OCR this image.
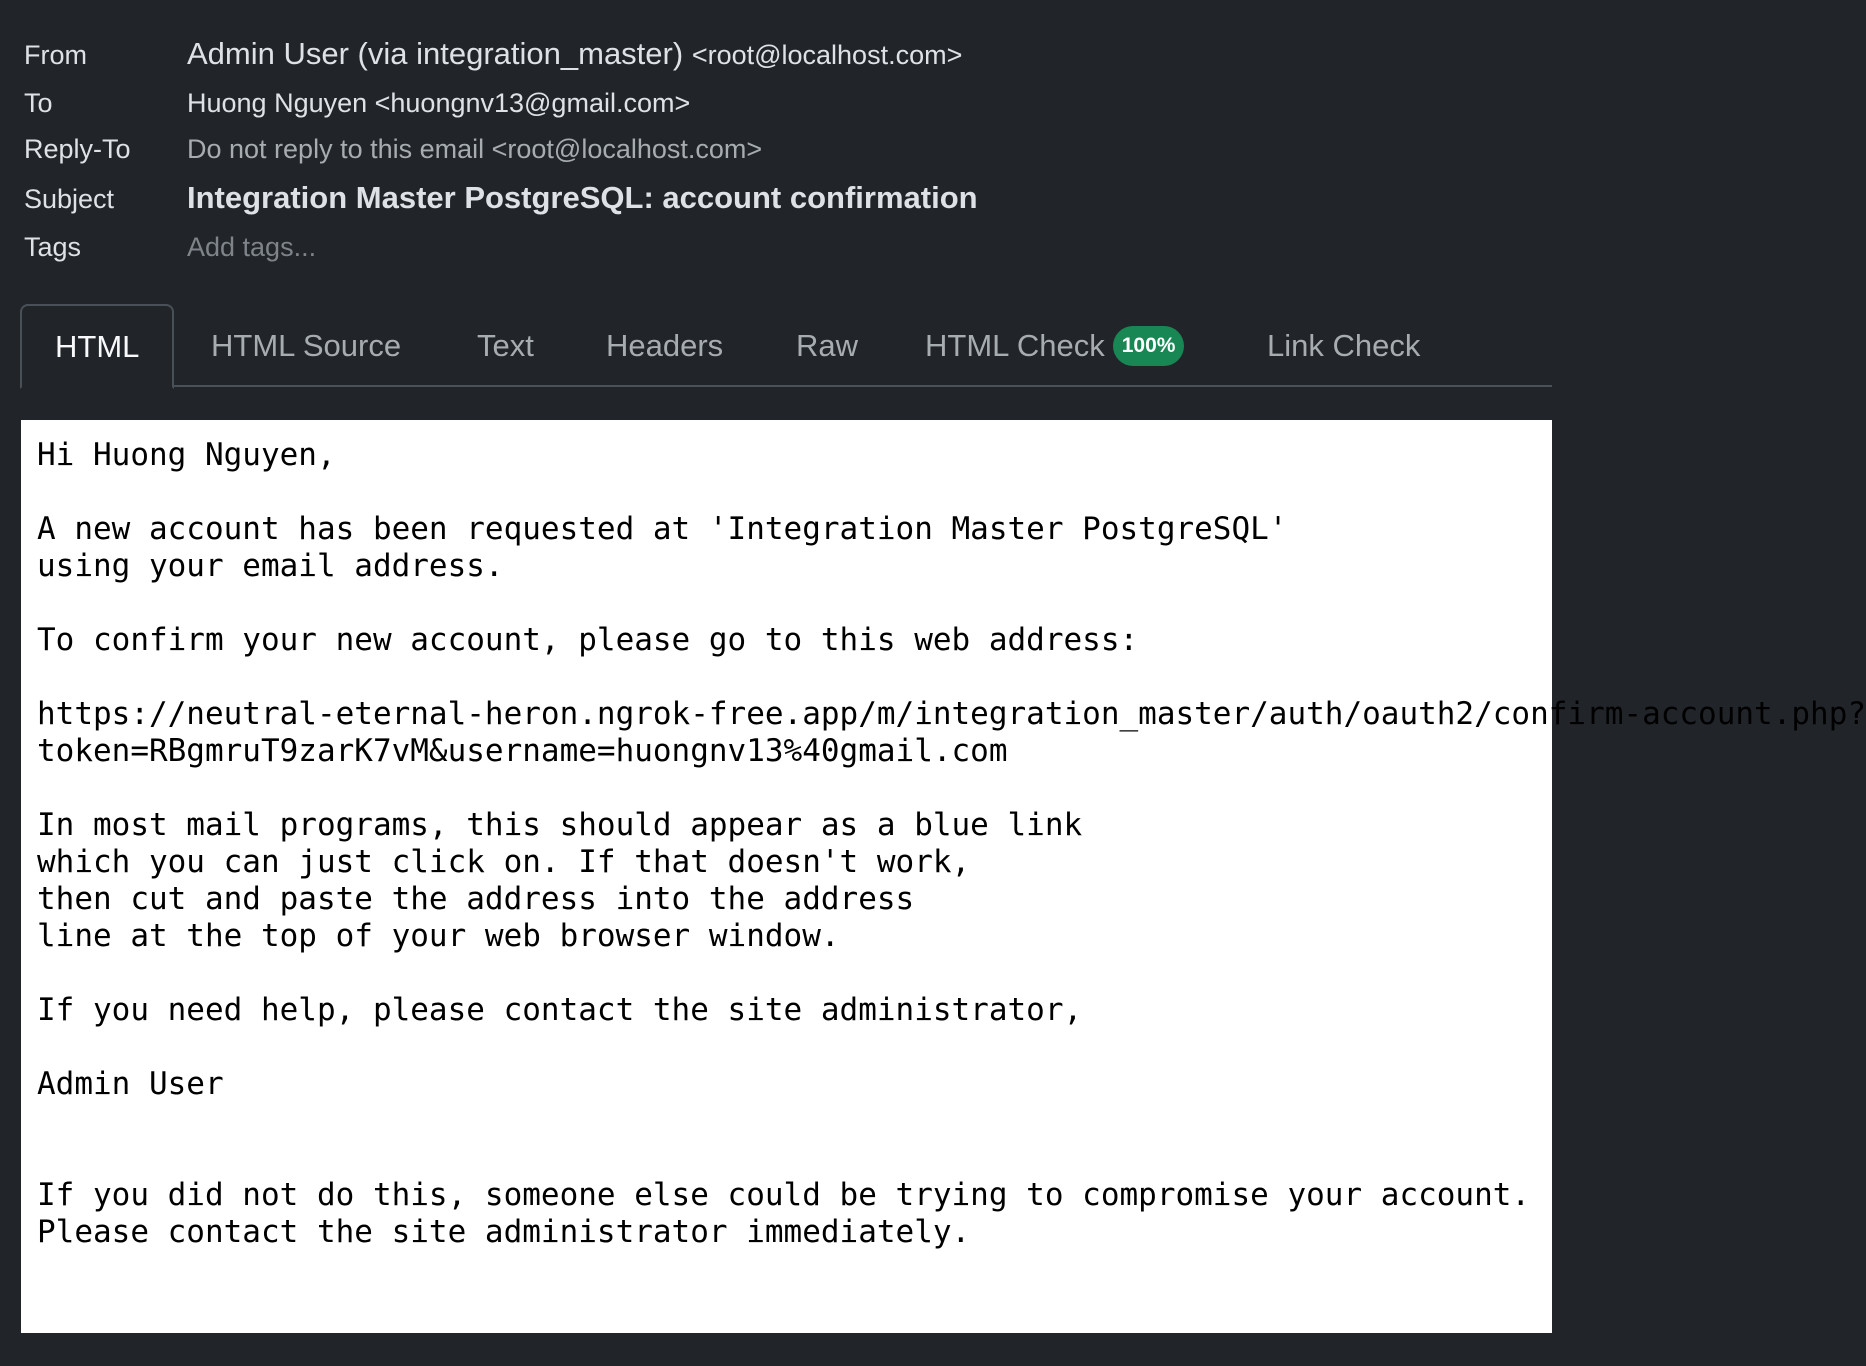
From	Admin User (via integration_master) <root@localhost.com>
To	Huong Nguyen <huongnv13@gmail.com>
Reply-To	Do not reply to this email <root@localhost.com>
Subject	Integration Master PostgreSQL: account confirmation
Tags	Add tags...
HTML	HTML Source Text Headers Raw HTML Check 100%	Link Check
Hi Huong Nguyen,

A new account has been requested at 'Integration Master PostgreSQL'
using your email address.

To confirm your new account, please go to this web address:

https://neutral-eternal-heron.ngrok-free.app/m/integration_master/auth/oauth2/confirm-account.php?
token=RBgmruT9zarK7vM&username=huongnv13%40gmail.com

In most mail programs, this should appear as a blue link
which you can just click on. If that doesn't work,
then cut and paste the address into the address
line at the top of your web browser window.

If you need help, please contact the site administrator,

Admin User

If you did not do this, someone else could be trying to compromise your account.
Please contact the site administrator immediately.
